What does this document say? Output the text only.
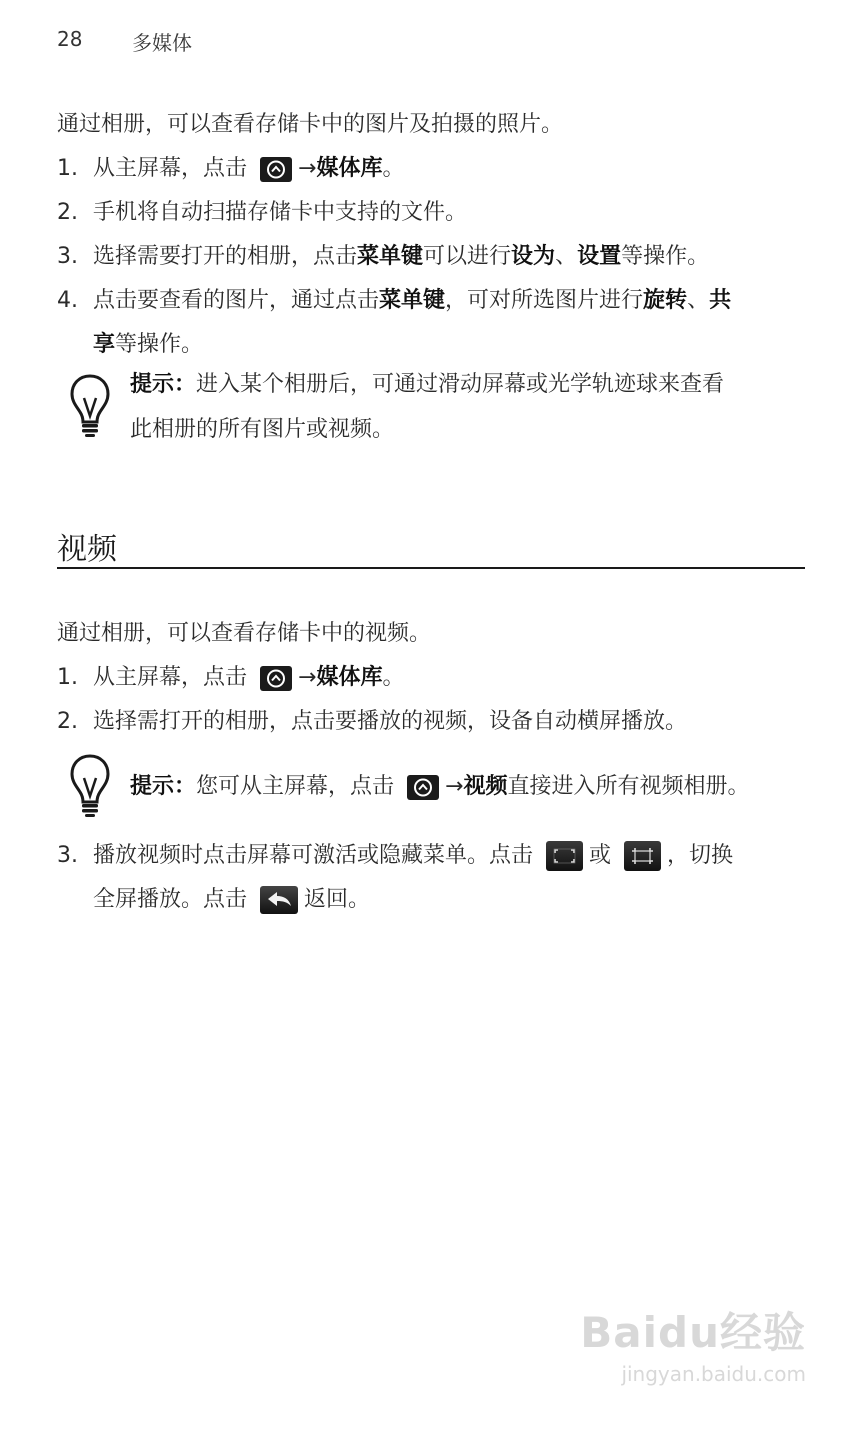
28 多媒体
通过相册，可以查看存储卡中的图片及拍摄的照片。
1. 从主屏幕，点击 →媒体库。
2. 手机将自动扫描存储卡中支持的文件。
3. 选择需要打开的相册，点击菜单键可以进行设为、设置等操作。
4. 点击要查看的图片，通过点击菜单键，可对所选图片进行旋转、共
享等操作。
提示：进入某个相册后，可通过滑动屏幕或光学轨迹球来查看
此相册的所有图片或视频。
视频
通过相册，可以查看存储卡中的视频。
1. 从主屏幕，点击 →媒体库。
2. 选择需打开的相册，点击要播放的视频，设备自动横屏播放。
提示：您可从主屏幕，点击 →视频直接进入所有视频相册。
3. 播放视频时点击屏幕可激活或隐藏菜单。点击	或	，切换
全屏播放。点击	返回。
Baidu经验
jingyan.baidu.com
